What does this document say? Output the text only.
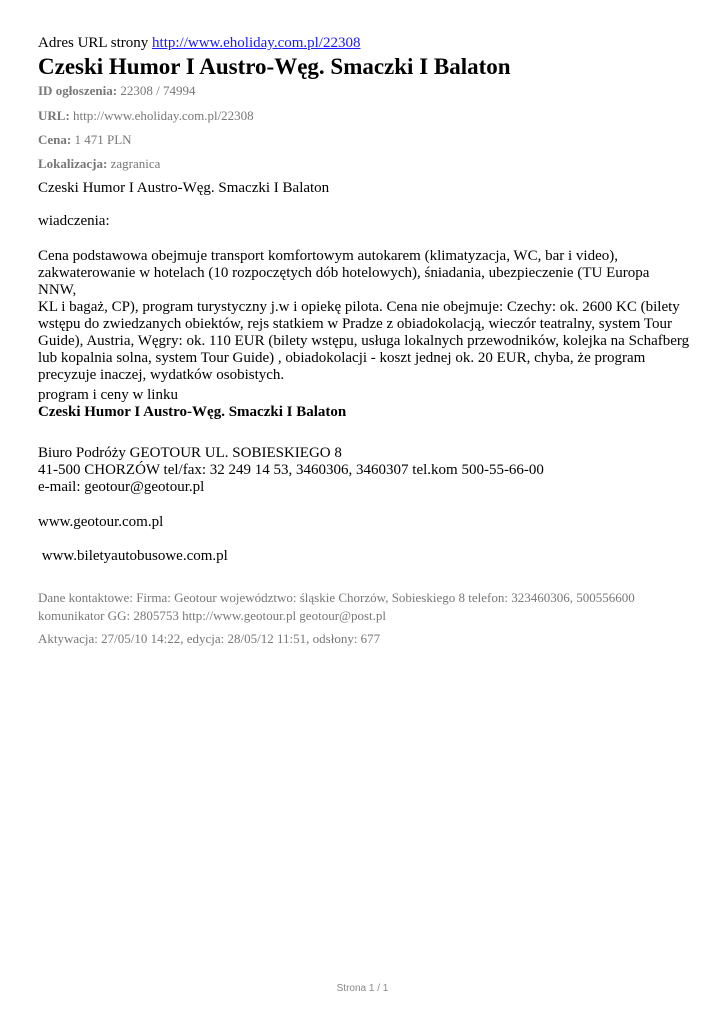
Adres URL strony http://www.eholiday.com.pl/22308
Czeski Humor I Austro-Węg. Smaczki I Balaton
ID ogłoszenia: 22308 / 74994
URL: http://www.eholiday.com.pl/22308
Cena: 1 471 PLN
Lokalizacja: zagranica
Czeski Humor I Austro-Węg. Smaczki I Balaton
wiadczenia:
Cena podstawowa obejmuje transport komfortowym autokarem (klimatyzacja, WC, bar i video),
zakwaterowanie w hotelach (10 rozpoczętych dób hotelowych), śniadania, ubezpieczenie (TU Europa NNW,
KL i bagaż, CP), program turystyczny j.w i opiekę pilota. Cena nie obejmuje: Czechy: ok. 2600 KC (bilety
wstępu do zwiedzanych obiektów, rejs statkiem w Pradze z obiadokolacją, wieczór teatralny, system Tour
Guide), Austria, Węgry: ok. 110 EUR (bilety wstępu, usługa lokalnych przewodników, kolejka na Schafberg
lub kopalnia solna, system Tour Guide) , obiadokolacji - koszt jednej ok. 20 EUR, chyba, że program
precyzuje inaczej, wydatków osobistych.
program i ceny w linku
Czeski Humor I Austro-Węg. Smaczki I Balaton
Biuro Podróży GEOTOUR UL. SOBIESKIEGO 8
41-500 CHORZÓW tel/fax: 32 249 14 53, 3460306, 3460307 tel.kom 500-55-66-00
e-mail: geotour@geotour.pl
www.geotour.com.pl
www.biletyautobusowe.com.pl
Dane kontaktowe: Firma: Geotour województwo: śląskie Chorzów, Sobieskiego 8 telefon: 323460306, 500556600
komunikator GG: 2805753 http://www.geotour.pl geotour@post.pl
Aktywacja: 27/05/10 14:22, edycja: 28/05/12 11:51, odsłony: 677
Strona 1 / 1
